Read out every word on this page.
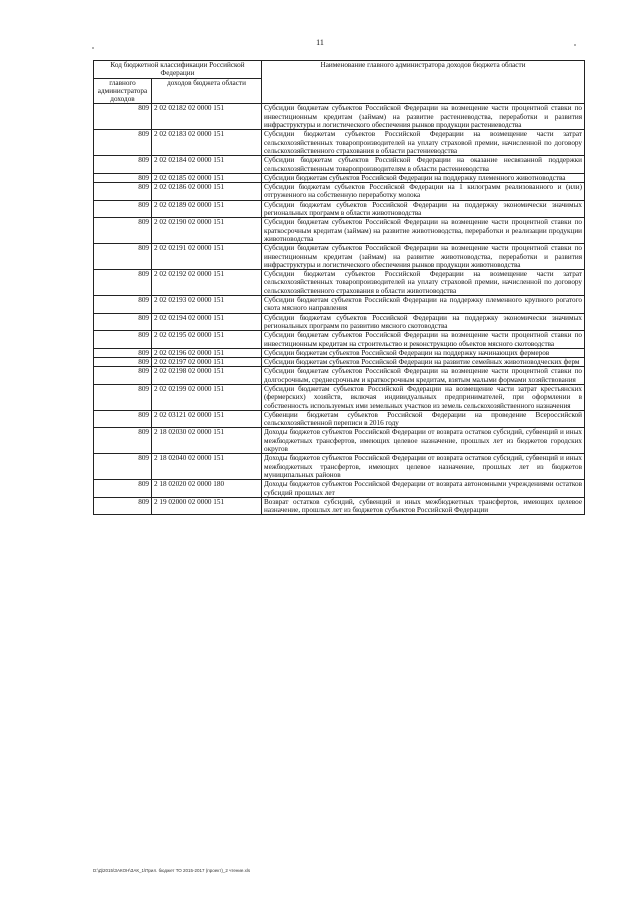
11
Код бюджетной классификации Российской Федерации		Наименование главного администратора доходов бюджета области
главного администратора доходов	доходов бюджета области	
809	2 02 02182 02 0000 151	Субсидии бюджетам субъектов Российской Федерации на возмещение части процентной ставки по инвестиционным кредитам (займам) на развитие растениеводства, переработки и развития инфраструктуры и логистического обеспечения рынков продукции растениеводства
809	2 02 02183 02 0000 151	Субсидии бюджетам субъектов Российской Федерации на возмещение части затрат сельскохозяйственных товаропроизводителей на уплату страховой премии, начисленной по договору сельскохозяйственного страхования в области растениеводства
809	2 02 02184 02 0000 151	Субсидии бюджетам субъектов Российской Федерации на оказание несвязанной поддержки сельскохозяйственным товаропроизводителям в области растениеводства
809	2 02 02185 02 0000 151	Субсидии бюджетам субъектов Российской Федерации на поддержку племенного животноводства
809	2 02 02186 02 0000 151	Субсидии бюджетам субъектов Российской Федерации на 1 килограмм реализованного и (или) отгруженного на собственную переработку молока
809	2 02 02189 02 0000 151	Субсидии бюджетам субъектов Российской Федерации на поддержку экономически значимых региональных программ в области животноводства
809	2 02 02190 02 0000 151	Субсидии бюджетам субъектов Российской Федерации на возмещение части процентной ставки по краткосрочным кредитам (займам) на развитие животноводства, переработки и реализации продукции животноводства
809	2 02 02191 02 0000 151	Субсидии бюджетам субъектов Российской Федерации на возмещение части процентной ставки по инвестиционным кредитам (займам) на развитие животноводства, переработки и развития инфраструктуры и логистического обеспечения рынков продукции животноводства
809	2 02 02192 02 0000 151	Субсидии бюджетам субъектов Российской Федерации на возмещение части затрат сельскохозяйственных товаропроизводителей на уплату страховой премии, начисленной по договору сельскохозяйственного страхования в области животноводства
809	2 02 02193 02 0000 151	Субсидии бюджетам субъектов Российской Федерации на поддержку племенного крупного рогатого скота мясного направления
809	2 02 02194 02 0000 151	Субсидии бюджетам субъектов Российской Федерации на поддержку экономически значимых региональных программ по развитию мясного скотоводства
809	2 02 02195 02 0000 151	Субсидии бюджетам субъектов Российской Федерации на возмещение части процентной ставки по инвестиционным кредитам на строительство и реконструкцию объектов мясного скотоводства
809	2 02 02196 02 0000 151	Субсидии бюджетам субъектов Российской Федерации на поддержку начинающих фермеров
809	2 02 02197 02 0000 151	Субсидии бюджетам субъектов Российской Федерации на развитие семейных животноводческих ферм
809	2 02 02198 02 0000 151	Субсидии бюджетам субъектов Российской Федерации на возмещение части процентной ставки по долгосрочным, среднесрочным и краткосрочным кредитам, взятым малыми формами хозяйствования
809	2 02 02199 02 0000 151	Субсидии бюджетам субъектов Российской Федерации на возмещение части затрат крестьянских (фермерских) хозяйств, включая индивидуальных предпринимателей, при оформлении в собственность используемых ими земельных участков из земель сельскохозяйственного назначения
809	2 02 03121 02 0000 151	Субвенции бюджетам субъектов Российской Федерации на проведение Всероссийской сельскохозяйственной переписи в 2016 году
809	2 18 02030 02 0000 151	Доходы бюджетов субъектов Российской Федерации от возврата остатков субсидий, субвенций и иных межбюджетных трансфертов, имеющих целевое назначение, прошлых лет из бюджетов городских округов
809	2 18 02040 02 0000 151	Доходы бюджетов субъектов Российской Федерации от возврата остатков субсидий, субвенций и иных межбюджетных трансфертов, имеющих целевое назначение, прошлых лет из бюджетов муниципальных районов
809	2 18 02020 02 0000 180	Доходы бюджетов субъектов Российской Федерации от возврата автономными учреждениями остатков субсидий прошлых лет
809	2 19 02000 02 0000 151	Возврат остатков субсидий, субвенций и иных межбюджетных трансфертов, имеющих целевое назначение, прошлых лет из бюджетов субъектов Российской Федерации
D:\Д\2015\ЗАКОН\ЗАК_1\Прил. бюджет ТО 2015-2017 (проект)_2 чтение.xls
